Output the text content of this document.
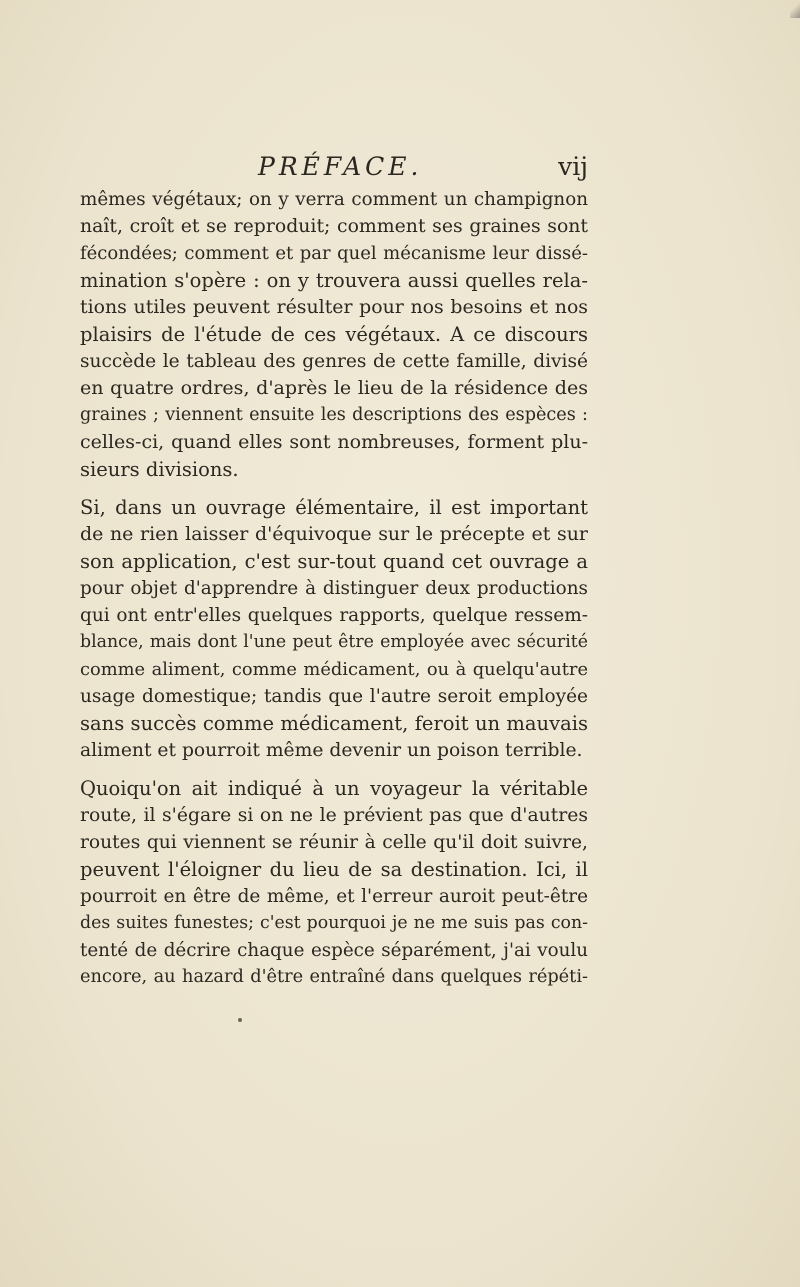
PRÉFACE.	vij
mêmes végétaux; on y verra comment un champignon
naît, croît et se reproduit; comment ses graines sont
fécondées; comment et par quel mécanisme leur dissé-
mination s'opère : on y trouvera aussi quelles rela-
tions utiles peuvent résulter pour nos besoins et nos
plaisirs de l'étude de ces végétaux. A ce discours
succède le tableau des genres de cette famille, divisé
en quatre ordres, d'après le lieu de la résidence des
graines ; viennent ensuite les descriptions des espèces :
celles-ci, quand elles sont nombreuses, forment plu-
sieurs divisions.
Si, dans un ouvrage élémentaire, il est important
de ne rien laisser d'équivoque sur le précepte et sur
son application, c'est sur-tout quand cet ouvrage a
pour objet d'apprendre à distinguer deux productions
qui ont entr'elles quelques rapports, quelque ressem-
blance, mais dont l'une peut être employée avec sécurité
comme aliment, comme médicament, ou à quelqu'autre
usage domestique; tandis que l'autre seroit employée
sans succès comme médicament, feroit un mauvais
aliment et pourroit même devenir un poison terrible.
Quoiqu'on ait indiqué à un voyageur la véritable
route, il s'égare si on ne le prévient pas que d'autres
routes qui viennent se réunir à celle qu'il doit suivre,
peuvent l'éloigner du lieu de sa destination. Ici, il
pourroit en être de même, et l'erreur auroit peut-être
des suites funestes; c'est pourquoi je ne me suis pas con-
tenté de décrire chaque espèce séparément, j'ai voulu
encore, au hazard d'être entraîné dans quelques répéti-
